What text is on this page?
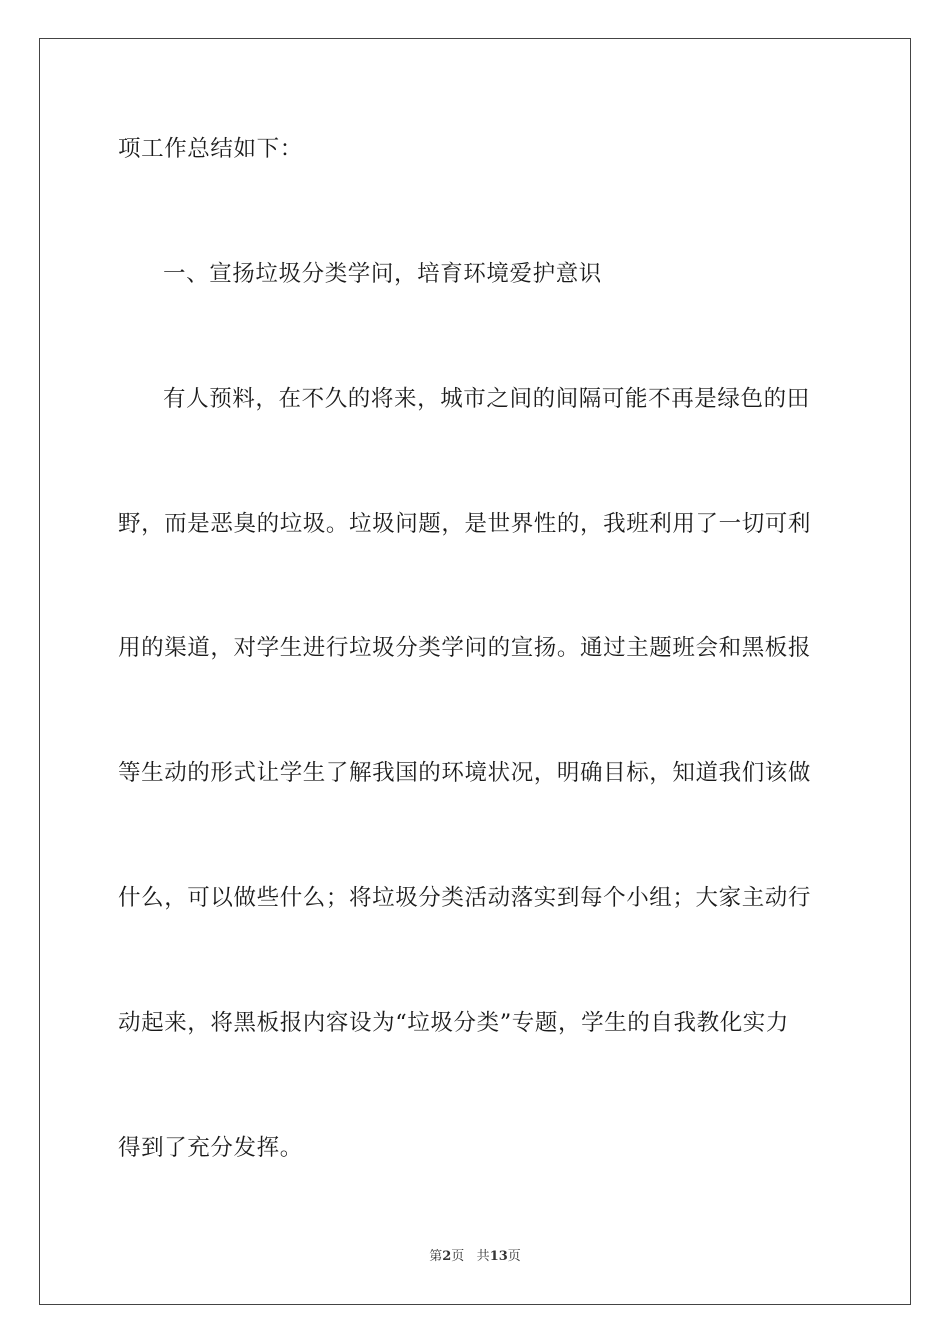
项工作总结如下：
一、宣扬垃圾分类学问，培育环境爱护意识
有人预料，在不久的将来，城市之间的间隔可能不再是绿色的田
野，而是恶臭的垃圾。垃圾问题，是世界性的，我班利用了一切可利
用的渠道，对学生进行垃圾分类学问的宣扬。通过主题班会和黑板报
等生动的形式让学生了解我国的环境状况，明确目标，知道我们该做
什么，可以做些什么；将垃圾分类活动落实到每个小组；大家主动行
动起来，将黑板报内容设为“垃圾分类”专题，学生的自我教化实力
得到了充分发挥。
第2页 共13页
